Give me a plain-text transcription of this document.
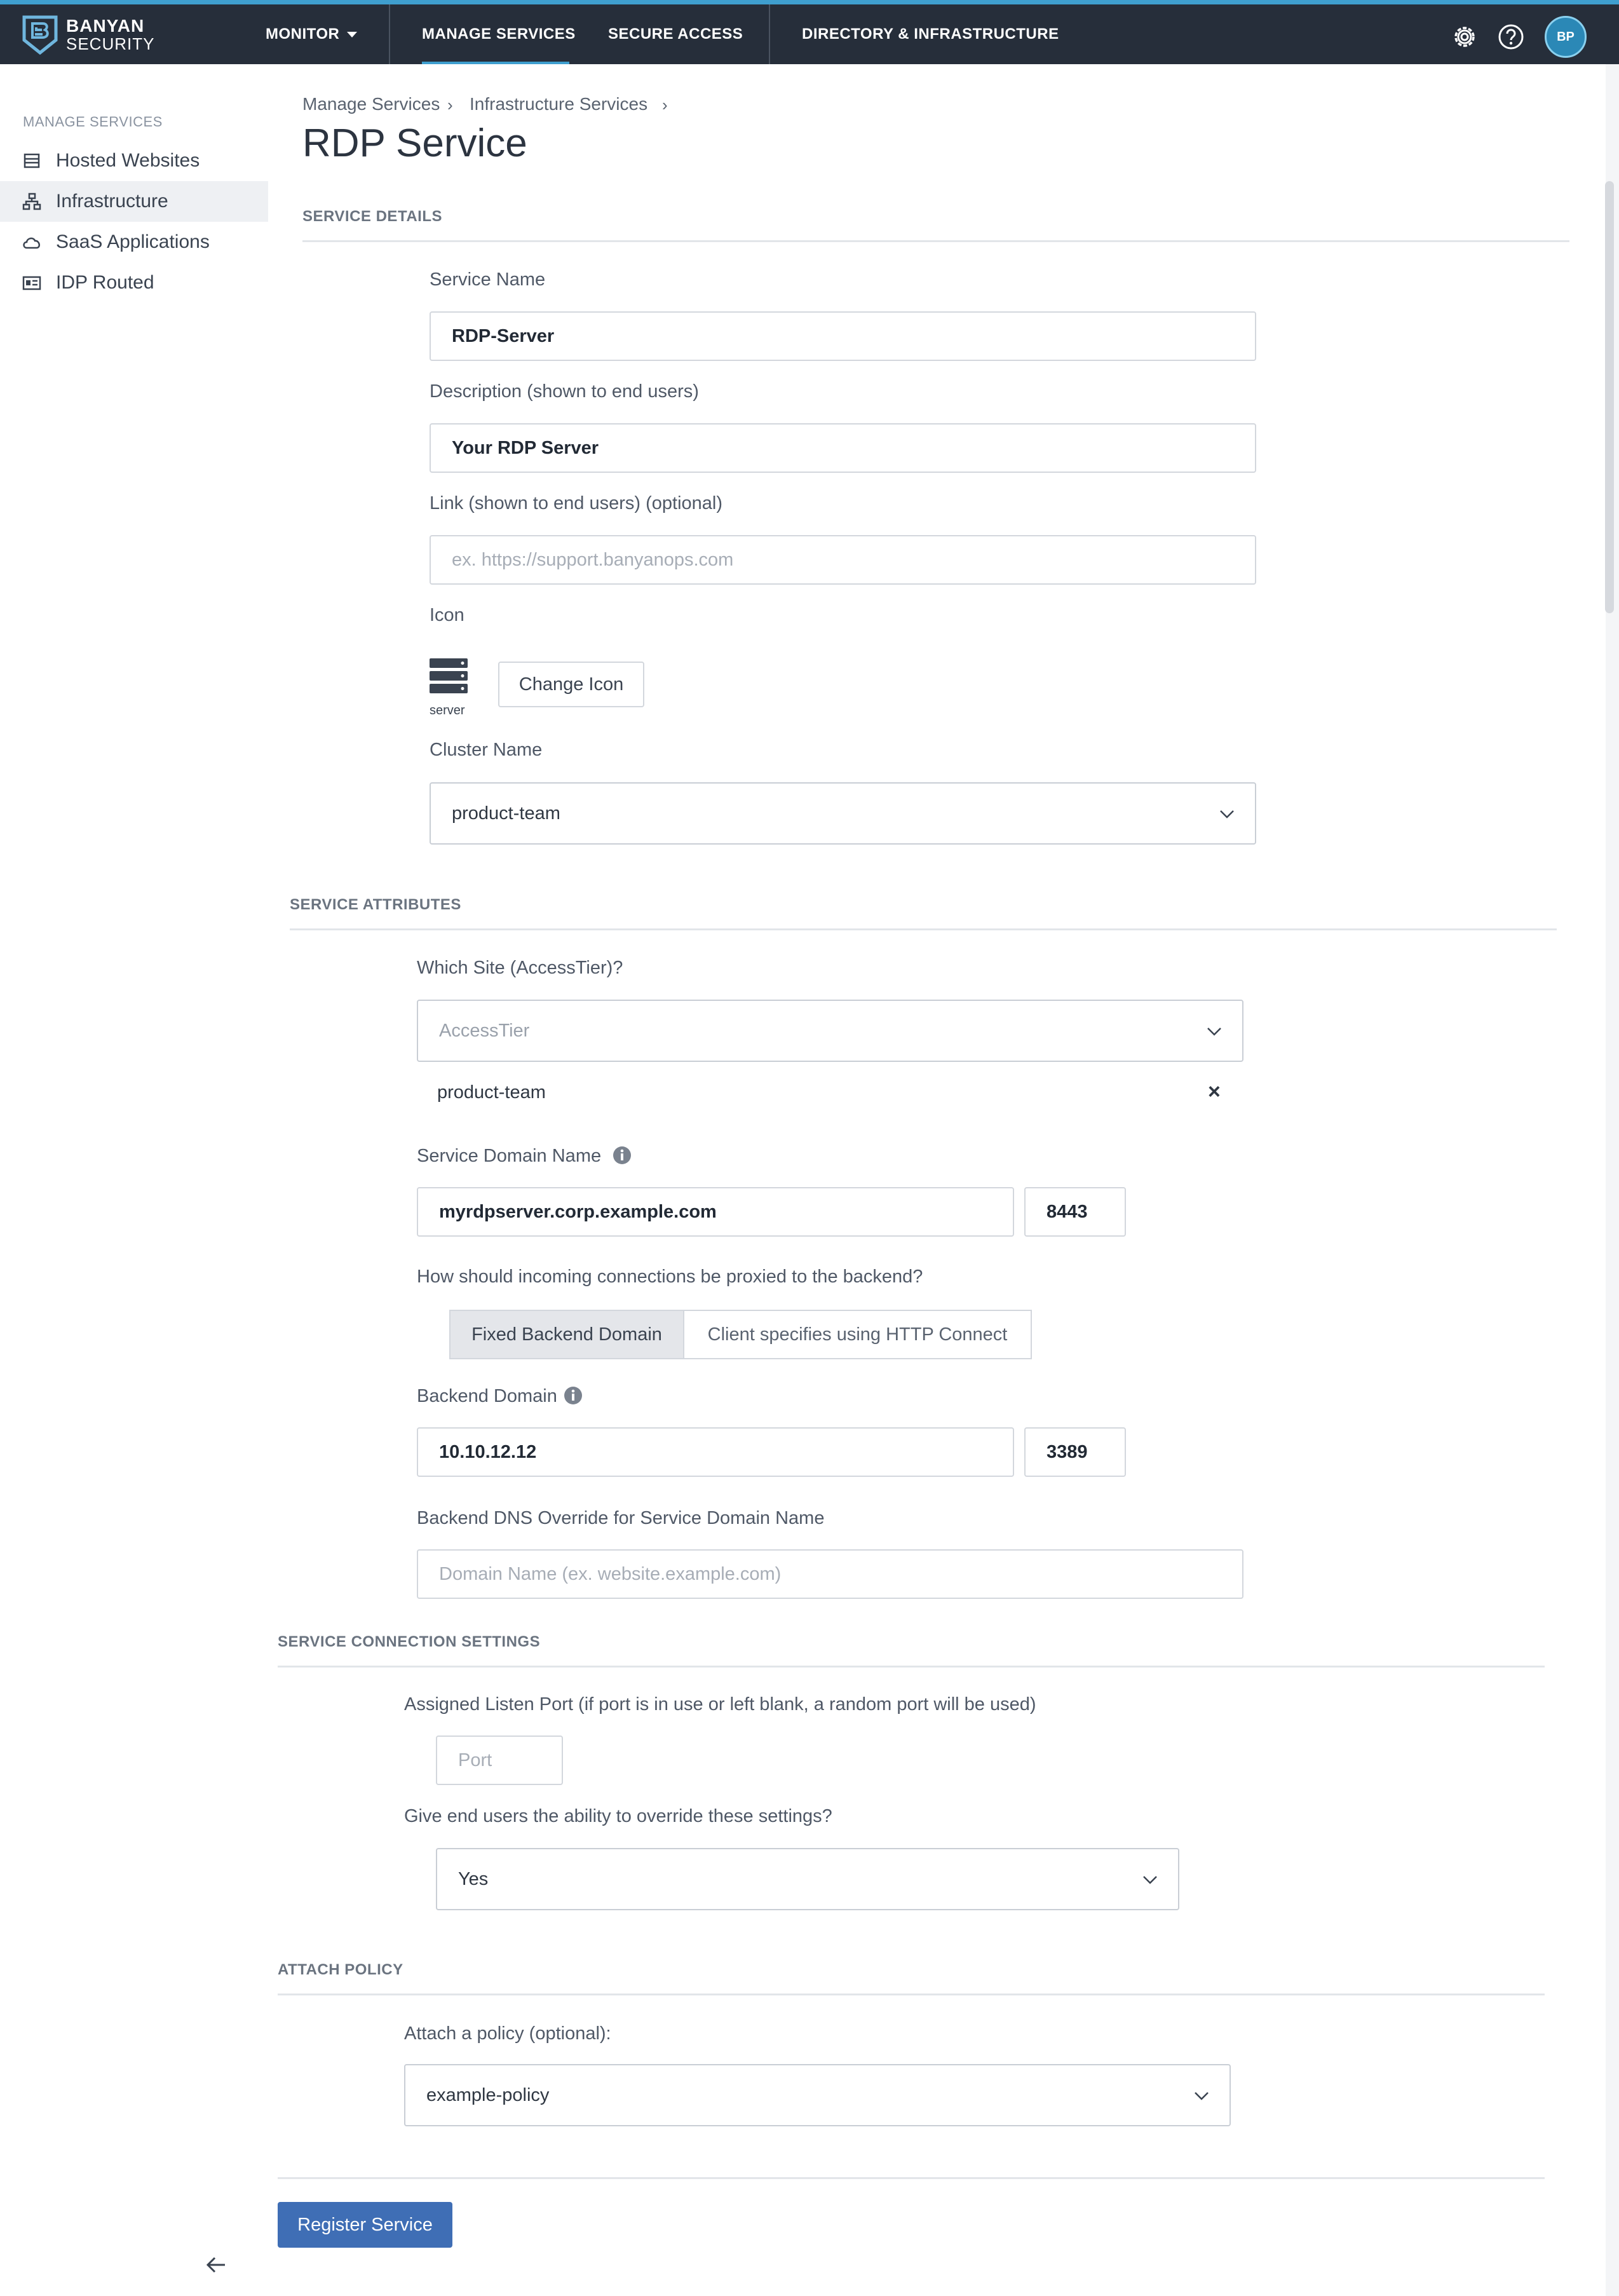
BANYAN
SECURITY
MONITOR	MANAGE SERVICES SECURE ACCESS	DIRECTORY & INFRASTRUCTURE	BP
MANAGE SERVICES
Hosted Websites
Infrastructure
SaaS Applications
IDP Routed
Manage Services › Infrastructure Services ›
RDP Service
SERVICE DETAILS
Service Name
RDP-Server
Description (shown to end users)
Your RDP Server
Link (shown to end users) (optional)
ex. https://support.banyanops.com
Icon
server
Change Icon
Cluster Name
product-team
SERVICE ATTRIBUTES
Which Site (AccessTier)?
AccessTier
product-team	×
Service Domain Name
myrdpserver.corp.example.com	8443
How should incoming connections be proxied to the backend?
Fixed Backend Domain	Client specifies using HTTP Connect
Backend Domain
10.10.12.12	3389
Backend DNS Override for Service Domain Name
Domain Name (ex. website.example.com)
SERVICE CONNECTION SETTINGS
Assigned Listen Port (if port is in use or left blank, a random port will be used)
Port
Give end users the ability to override these settings?
Yes
ATTACH POLICY
Attach a policy (optional):
example-policy
Register Service
